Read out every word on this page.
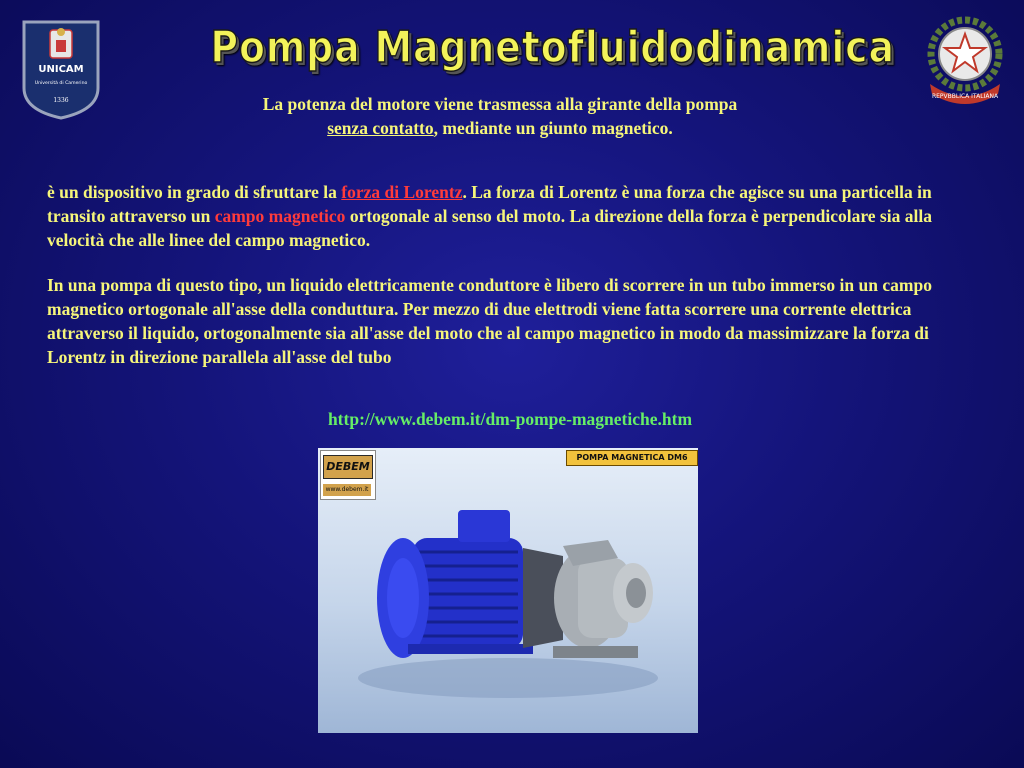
UNICAM
Università di Camerino
1336
Pompa Magnetofluidodinamica
REPVBBLICA ITALIANA
La potenza del motore viene trasmessa alla girante della pompa senza contatto, mediante un giunto magnetico.
è un dispositivo in grado di sfruttare la forza di Lorentz. La forza di Lorentz è una forza che agisce su una particella in transito attraverso un campo magnetico ortogonale al senso del moto. La direzione della forza è perpendicolare sia alla velocità che alle linee del campo magnetico.
In una pompa di questo tipo, un liquido elettricamente conduttore è libero di scorrere in un tubo immerso in un campo magnetico ortogonale all'asse della conduttura. Per mezzo di due elettrodi viene fatta scorrere una corrente elettrica attraverso il liquido, ortogonalmente sia all'asse del moto che al campo magnetico in modo da massimizzare la forza di Lorentz in direzione parallela all'asse del tubo
http://www.debem.it/dm-pompe-magnetiche.htm
DEBEM
www.debem.it
POMPA MAGNETICA DM6
